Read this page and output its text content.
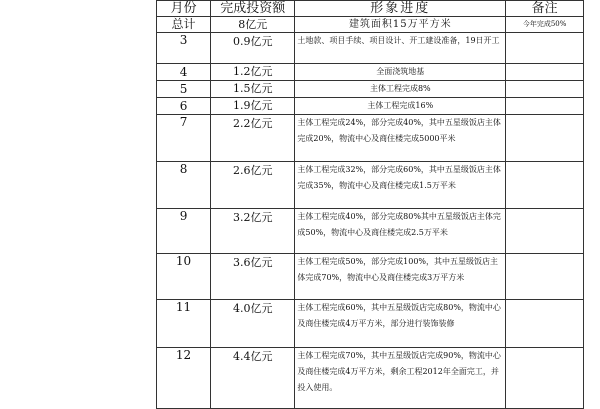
月份	完成投资额	形象进度	备注
总计	8亿元	建筑面积15万平方米	今年完成50%
3	0.9亿元	土地款、项目手续、项目设计、开工建设准备，19日开工	
4	1.2亿元	全面浇筑地基	
5	1.5亿元	主体工程完成8%	
6	1.9亿元	主体工程完成16%	
7	2.2亿元	主体工程完成24%，部分完成40%，其中五星级饭店主体完成20%，物流中心及商住楼完成5000平米	
8	2.6亿元	主体工程完成32%，部分完成60%，其中五星级饭店主体完成35%，物流中心及商住楼完成1.5万平米	
9	3.2亿元	主体工程完成40%，部分完成80%其中五星级饭店主体完成50%，物流中心及商住楼完成2.5万平米	
10	3.6亿元	主体工程完成50%，部分完成100%，其中五星级饭店主体完成70%，物流中心及商住楼完成3万平方米	
11	4.0亿元	主体工程完成60%，其中五星级饭店完成80%，物流中心及商住楼完成4万平方米，部分进行装饰装修	
12	4.4亿元	主体工程完成70%，其中五星级饭店完成90%，物流中心及商住楼完成4万平方米，剩余工程2012年全面完工，并投入使用。	
